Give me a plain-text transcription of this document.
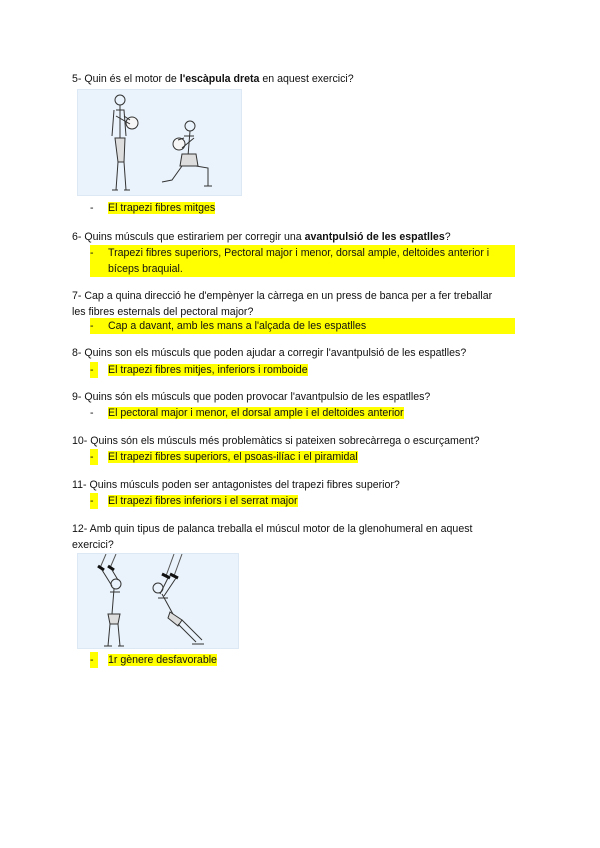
5- Quin és el motor de l'escàpula dreta en aquest exercici?
-	El trapezi fibres mitges
6- Quins músculs que estirariem per corregir una avantpulsió de les espatlles?
-	Trapezi fibres superiors, Pectoral major i menor, dorsal ample, deltoides anterior i
bíceps braquial.
7- Cap a quina direcció he d'empènyer la càrrega en un press de banca per a fer treballar
les fibres esternals del pectoral major?
-	Cap a davant, amb les mans a l'alçada de les espatlles
8- Quins son els músculs que poden ajudar a corregir l'avantpulsió de les espatlles?
-	El trapezi fibres mitjes, inferiors i romboide
9- Quins són els músculs que poden provocar l'avantpulsio de les espatlles?
-	El pectoral major i menor, el dorsal ample i el deltoides anterior
10- Quins són els músculs més problemàtics si pateixen sobrecàrrega o escurçament?
-	El trapezi fibres superiors, el psoas-ilíac i el piramidal
11- Quins músculs poden ser antagonistes del trapezi fibres superior?
-	El trapezi fibres inferiors i el serrat major
12- Amb quin tipus de palanca treballa el múscul motor de la glenohumeral en aquest
exercici?
-	1r gènere desfavorable
